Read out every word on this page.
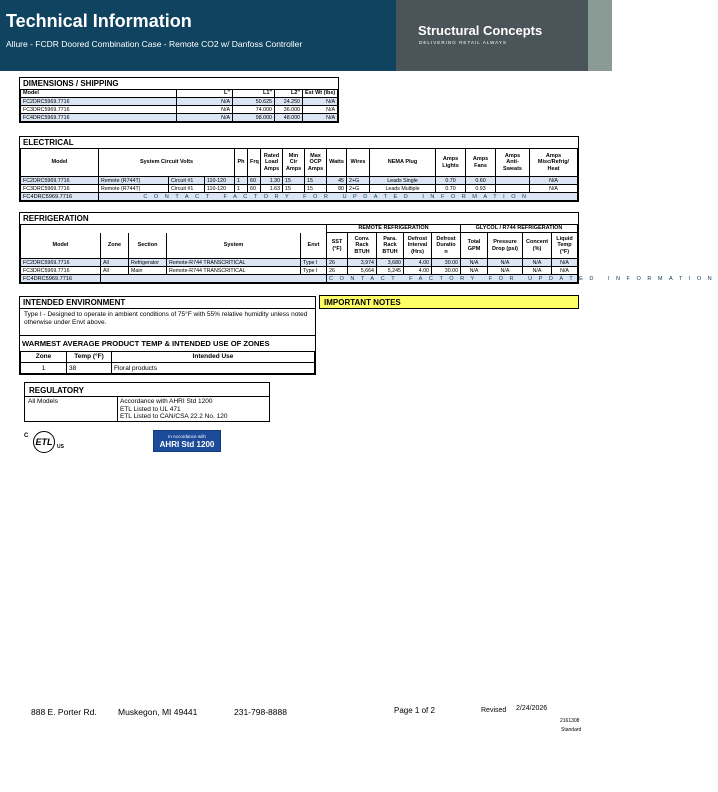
Technical Information
Allure - FCDR Doored Combination Case - Remote CO2 w/ Danfoss Controller
Structural Concepts
DELIVERING RETAIL ALWAYS
DIMENSIONS / SHIPPING
Model	L"	L1"	L2"	Est Wt (lbs)
FC2DRC5969.7716	N/A	50.625	24.250	N/A
FC3DRC5969.7716	N/A	74.000	36.000	N/A
FC4DRC5969.7716	N/A	98.000	48.000	N/A
ELECTRICAL
Model	System Circuit Volts			Ph	Frq	Rated Load Amps	Min Cir Amps	Max OCP Amps	Watts	Wires	NEMA Plug	Amps Lights	Amps Fans	Amps Anti-Sweats	Amps Misc/Refrig/ Heat
FC2DRC5969.7716	Remote (R744T)	Circuit #1	110-120	1	60	1.30	15	15	45	2+G	Leads Single	0.70	0.60		N/A
FC3DRC5969.7716	Remote (R744T)	Circuit #1	110-120	1	60	1.63	15	15	80	2+G	Leads Multiple	0.70	0.93		N/A
FC4DRC5969.7716	CONTACT FACTORY FOR UPDATED INFORMATION														
REFRIGERATION
					REMOTE REFRIGERATION					GLYCOL / R744 REFRIGERATION			
Model	Zone	Section	System	Envt	SST (°F)	Conv. Rack BTUH	Para. Rack BTUH	Defrost Interval (Hrs)	Defrost Duratio n	Total GPM	Pressure Drop (psi)	Concent (%)	Liquid Temp (°F)
FC2DRC5969.7716	All	Refrigerator	Remote-R744 TRANSCRITICAL	Type I	26	3,974	3,680	4.00	30.00	N/A	N/A	N/A	N/A
FC3DRC5969.7716	All	Main	Remote-R744 TRANSCRITICAL	Type I	26	5,664	5,245	4.00	30.00	N/A	N/A	N/A	N/A
FC4DRC5969.7716					CONTACT FACTORY FOR UPDATED INFORMATION								
INTENDED ENVIRONMENT
Type I - Designed to operate in ambient conditions of 75°F with 55% relative humidity unless noted otherwise under Envt above.
WARMEST AVERAGE PRODUCT TEMP & INTENDED USE OF ZONES
Zone	Temp (°F)	Intended Use
1	38	Floral products
IMPORTANT NOTES
REGULATORY
All Models	Accordance with AHRI Std 1200
ETL Listed to UL 471
ETL Listed to CAN/CSA 22.2 No. 120
C
ETL US
In Accordance with
AHRI Std 1200
888 E. Porter Rd.	Muskegon, MI 49441	231-798-8888	Page 1 of 2	Revised 2/24/2026
2161308
Standard
